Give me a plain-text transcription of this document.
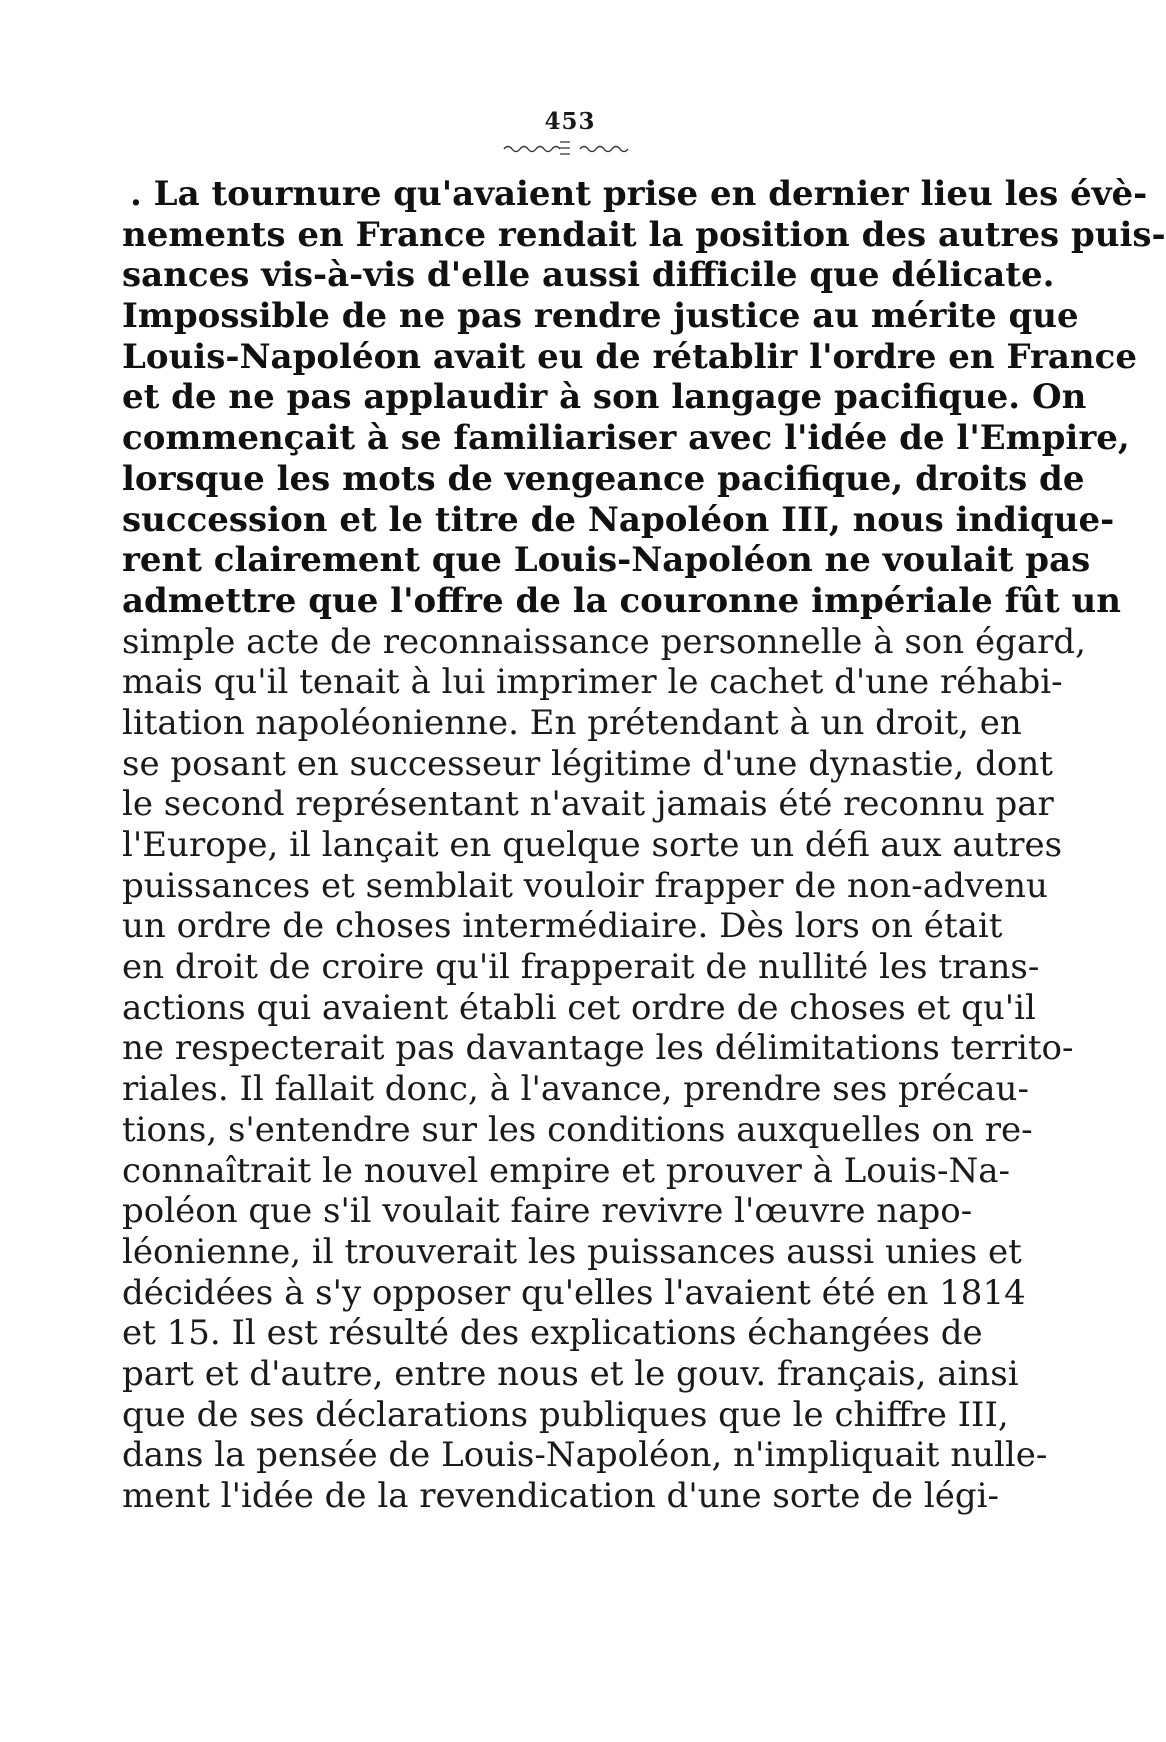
453
. La tournure qu'avaient prise en dernier lieu les évè-
nements en France rendait la position des autres puis-
sances vis-à-vis d'elle aussi difficile que délicate.
Impossible de ne pas rendre justice au mérite que
Louis-Napoléon avait eu de rétablir l'ordre en France
et de ne pas applaudir à son langage pacifique. On
commençait à se familiariser avec l'idée de l'Empire,
lorsque les mots de vengeance pacifique, droits de
succession et le titre de Napoléon III, nous indique-
rent clairement que Louis-Napoléon ne voulait pas
admettre que l'offre de la couronne impériale fût un
simple acte de reconnaissance personnelle à son égard,
mais qu'il tenait à lui imprimer le cachet d'une réhabi-
litation napoléonienne. En prétendant à un droit, en
se posant en successeur légitime d'une dynastie, dont
le second représentant n'avait jamais été reconnu par
l'Europe, il lançait en quelque sorte un défi aux autres
puissances et semblait vouloir frapper de non-advenu
un ordre de choses intermédiaire. Dès lors on était
en droit de croire qu'il frapperait de nullité les trans-
actions qui avaient établi cet ordre de choses et qu'il
ne respecterait pas davantage les délimitations territo-
riales. Il fallait donc, à l'avance, prendre ses précau-
tions, s'entendre sur les conditions auxquelles on re-
connaîtrait le nouvel empire et prouver à Louis-Na-
poléon que s'il voulait faire revivre l'œuvre napo-
léonienne, il trouverait les puissances aussi unies et
décidées à s'y opposer qu'elles l'avaient été en 1814
et 15. Il est résulté des explications échangées de
part et d'autre, entre nous et le gouv. français, ainsi
que de ses déclarations publiques que le chiffre III,
dans la pensée de Louis-Napoléon, n'impliquait nulle-
ment l'idée de la revendication d'une sorte de légi-
